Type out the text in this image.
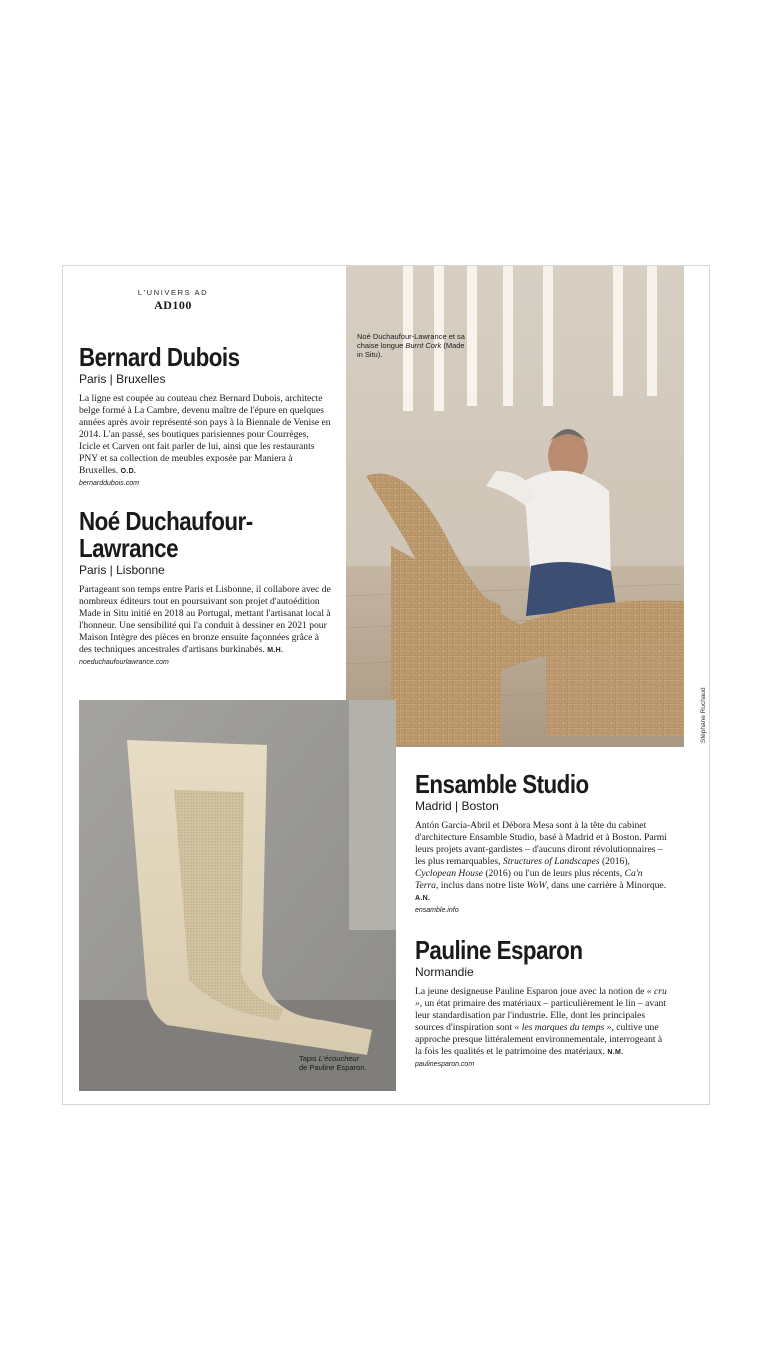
L'UNIVERS AD
AD100
Noé Duchaufour-Lawrance et sa chaise longue Burnt Cork (Made in Situ).
Stéphane Ruchaud
Bernard Dubois
Paris | Bruxelles
La ligne est coupée au couteau chez Bernard Dubois, architecte belge formé à La Cambre, devenu maître de l'épure en quelques années après avoir représenté son pays à la Biennale de Venise en 2014. L'an passé, ses boutiques parisiennes pour Courrèges, Icicle et Carven ont fait parler de lui, ainsi que les restaurants PNY et sa collection de meubles exposée par Maniera à Bruxelles. O.D.
bernarddubois.com
Noé Duchaufour-
Lawrance
Paris | Lisbonne
Partageant son temps entre Paris et Lisbonne, il collabore avec de nombreux éditeurs tout en poursuivant son projet d'autoédition Made in Situ initié en 2018 au Portugal, mettant l'artisanat local à l'honneur. Une sensibilité qui l'a conduit à dessiner en 2021 pour Maison Intègre des pièces en bronze ensuite façonnées grâce à des techniques ancestrales d'artisans burkinabés. M.H.
noeduchaufourlawrance.com
Tapis L'écoucheur
de Pauline Esparon.
Ensamble Studio
Madrid | Boston
Antón García-Abril et Débora Mesa sont à la tête du cabinet d'architecture Ensamble Studio, basé à Madrid et à Boston. Parmi leurs projets avant-gardistes – d'aucuns diront révolutionnaires – les plus remarquables, Structures of Landscapes (2016), Cyclopean House (2016) ou l'un de leurs plus récents, Ca'n Terra, inclus dans notre liste WoW, dans une carrière à Minorque. A.N.
ensamble.info
Pauline Esparon
Normandie
La jeune designeuse Pauline Esparon joue avec la notion de « cru », un état primaire des matériaux – particulièrement le lin – avant leur standardisation par l'industrie. Elle, dont les principales sources d'inspiration sont « les marques du temps », cultive une approche presque littéralement environnementale, interrogeant à la fois les qualités et le patrimoine des matériaux. N.M.
paulinesparon.com
